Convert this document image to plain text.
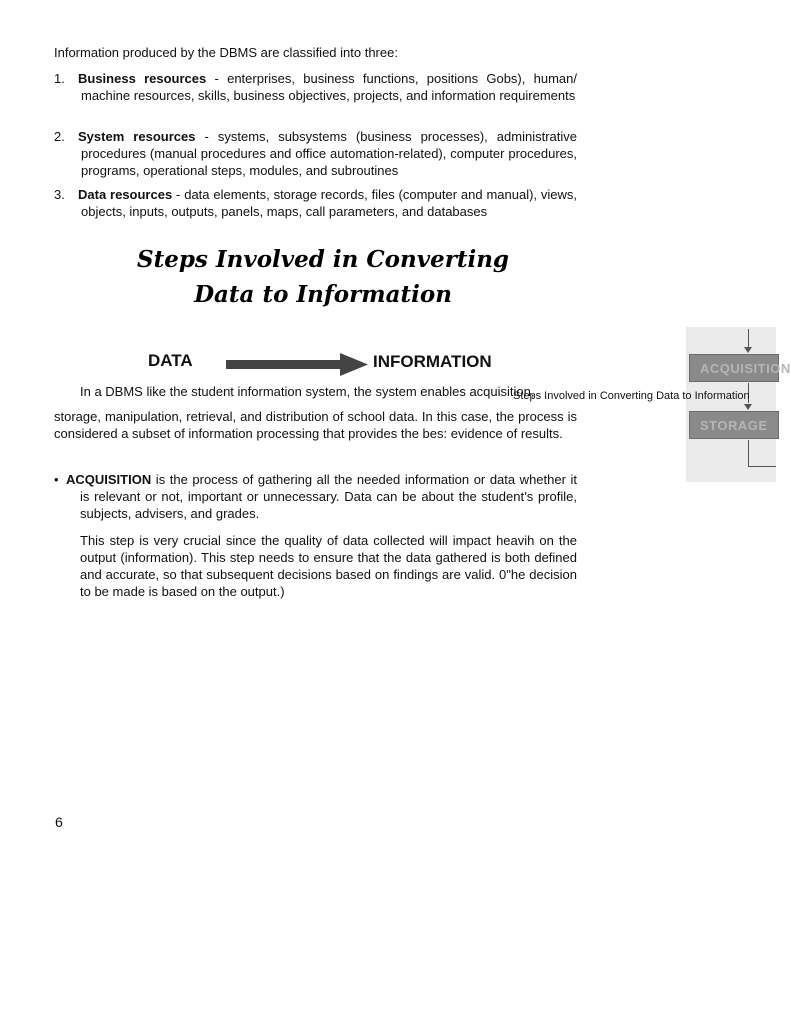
Information produced by the DBMS are classified into three:
1. Business resources - enterprises, business functions, positions Gobs), human/ machine resources, skills, business objectives, projects, and information requirements
2. System resources - systems, subsystems (business processes), administrative procedures (manual procedures and office automation-related), computer procedures, programs, operational steps, modules, and subroutines
3. Data resources - data elements, storage records, files (computer and manual), views, objects, inputs, outputs, panels, maps, call parameters, and databases
Steps Involved in Converting
Data to Information
DATA	INFORMATION	ACQUISITION
STORAGE
Steps Involved in Converting Data to Information
In a DBMS like the student information system, the system enables acquisition,
storage, manipulation, retrieval, and distribution of school data. In this case, the process is considered a subset of information processing that provides the bes: evidence of results.
• ACQUISITION is the process of gathering all the needed information or data whether it is relevant or not, important or unnecessary. Data can be about the student’s profile, subjects, advisers, and grades.
This step is very crucial since the quality of data collected will impact heavih on the output (information). This step needs to ensure that the data gathered is both defined and accurate, so that subsequent decisions based on findings are valid. 0"he decision to be made is based on the output.)
6
